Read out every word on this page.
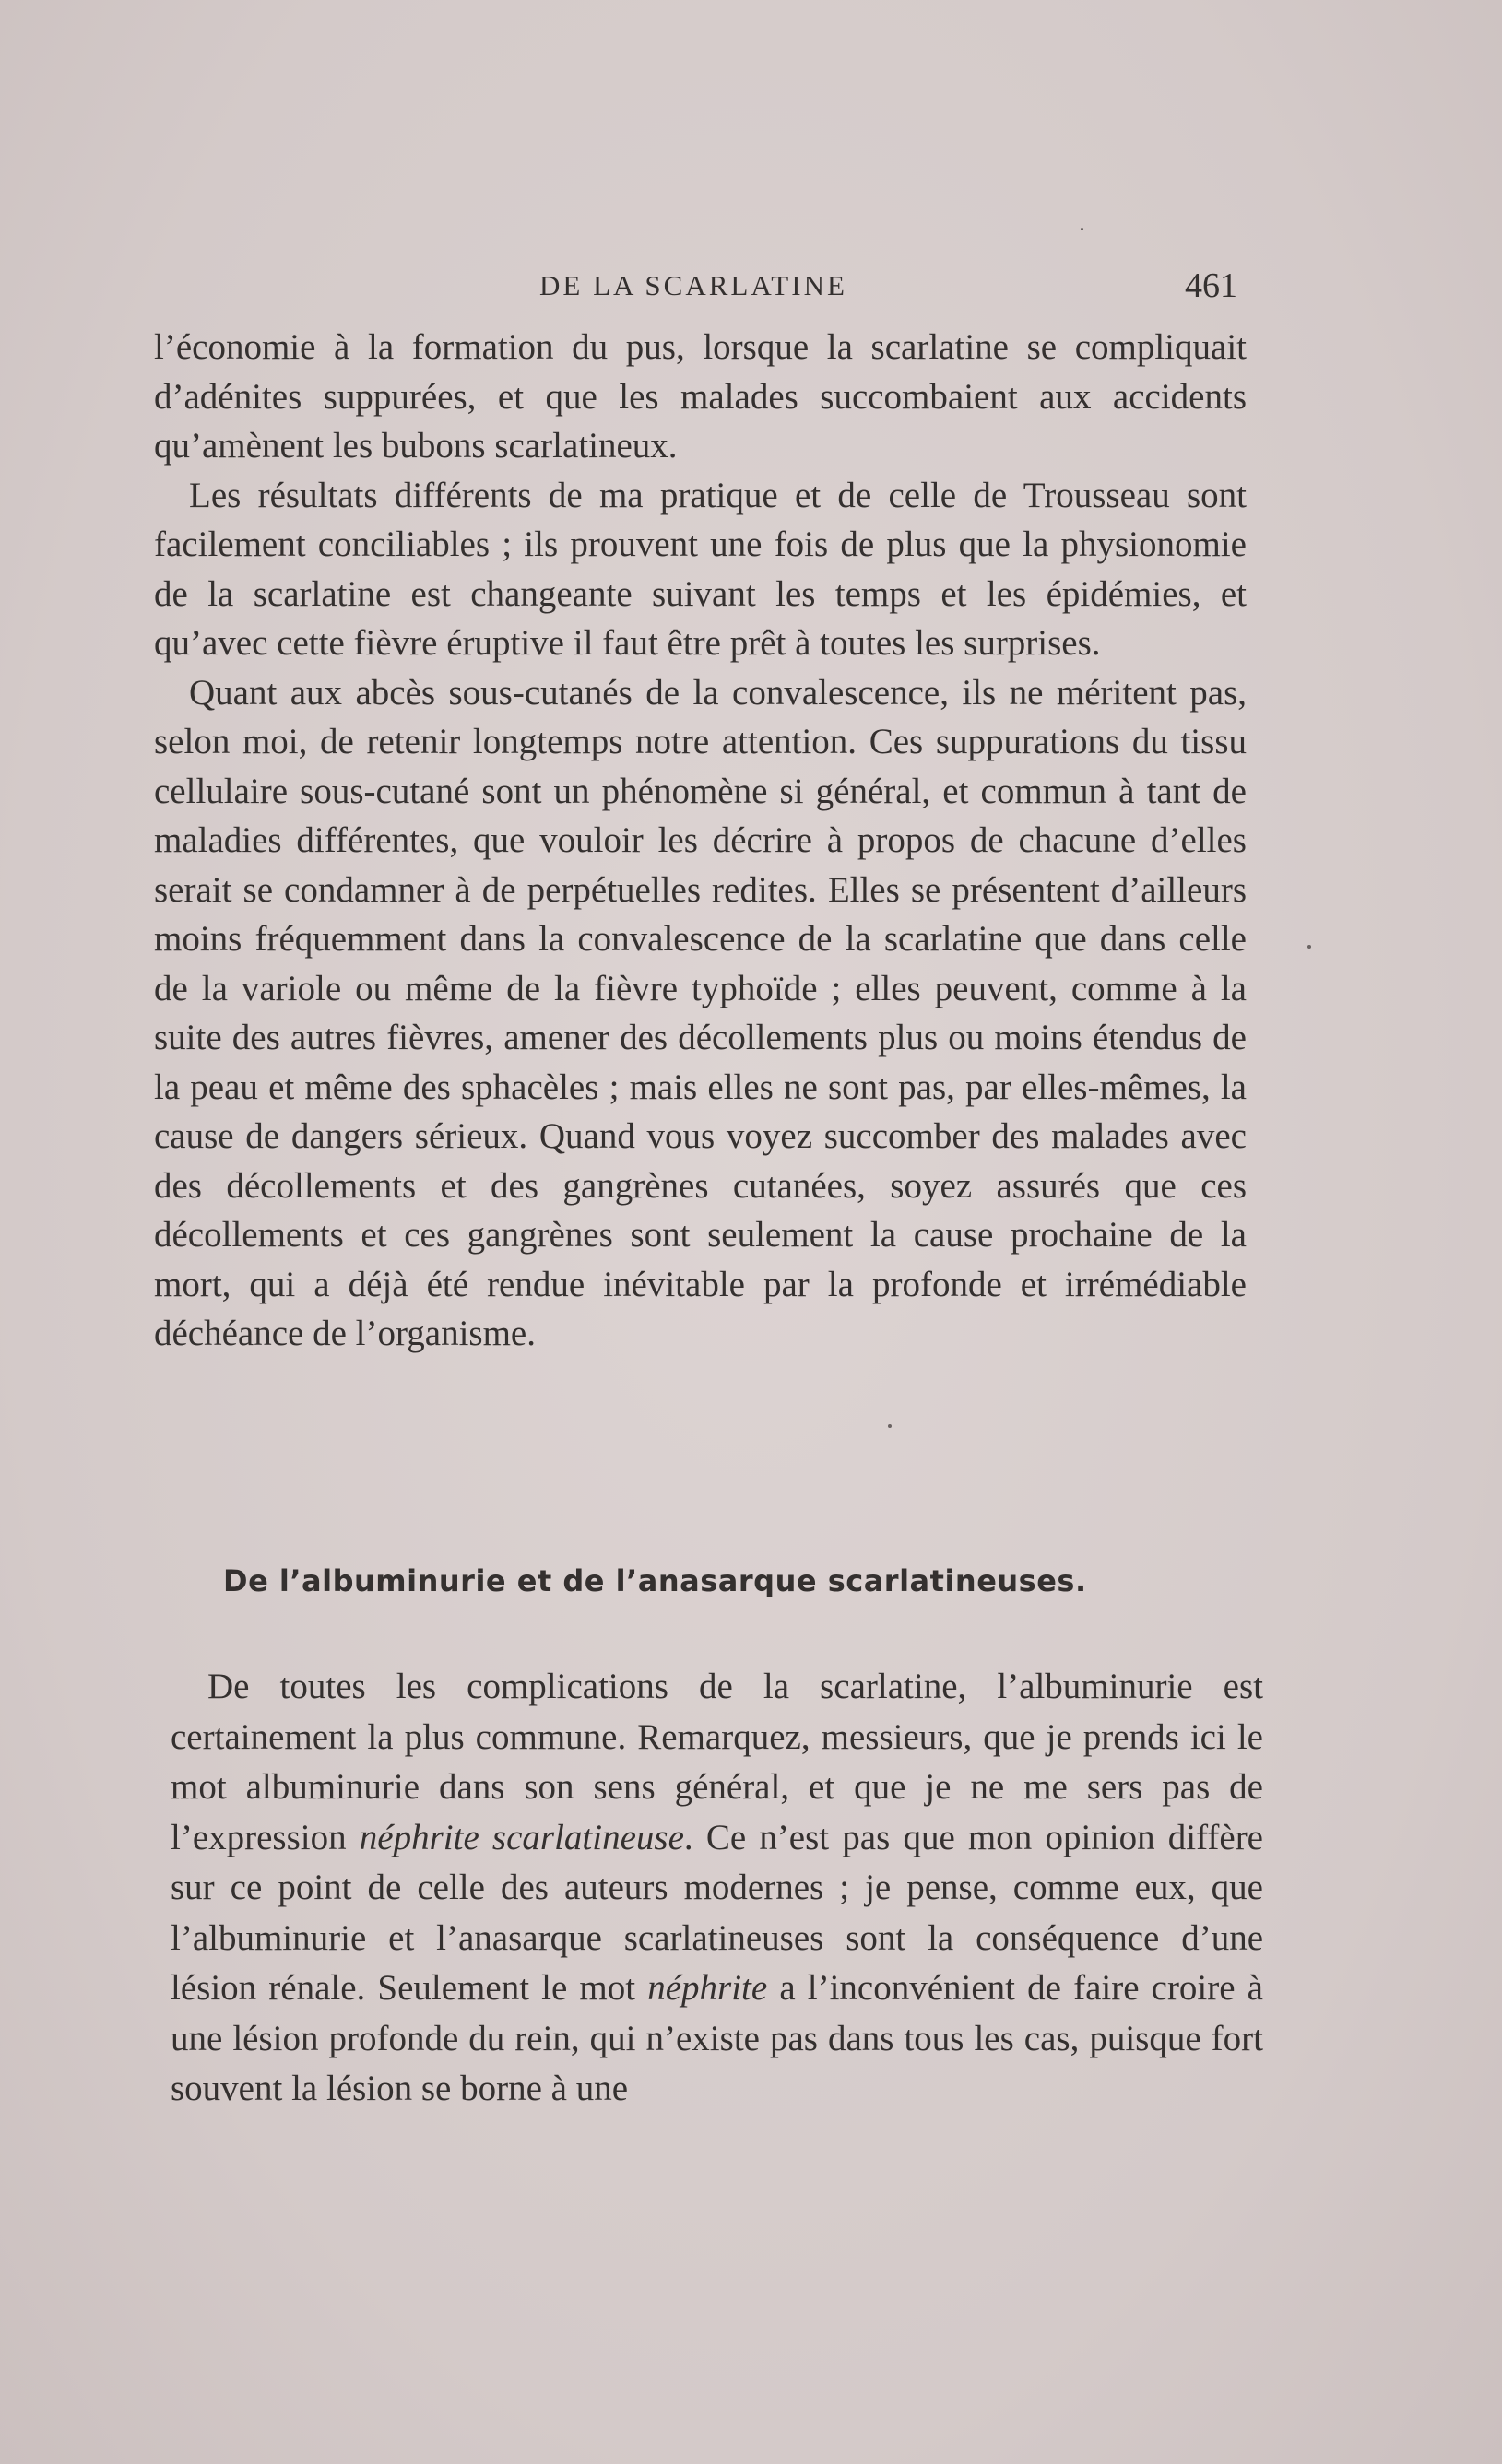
DE LA SCARLATINE	461

l’économie à la formation du pus, lorsque la scarlatine se compliquait d’adénites suppurées, et que les malades succombaient aux accidents qu’amènent les bubons scarlatineux.

Les résultats différents de ma pratique et de celle de Trousseau sont facilement conciliables ; ils prouvent une fois de plus que la physionomie de la scarlatine est changeante suivant les temps et les épidémies, et qu’avec cette fièvre éruptive il faut être prêt à toutes les surprises.

Quant aux abcès sous-cutanés de la convalescence, ils ne méritent pas, selon moi, de retenir longtemps notre attention. Ces suppurations du tissu cellulaire sous-cutané sont un phénomène si général, et commun à tant de maladies différentes, que vouloir les décrire à propos de chacune d’elles serait se condamner à de perpétuelles redites. Elles se présentent d’ailleurs moins fréquemment dans la convalescence de la scarlatine que dans celle de la variole ou même de la fièvre typhoïde ; elles peuvent, comme à la suite des autres fièvres, amener des décollements plus ou moins étendus de la peau et même des sphacèles ; mais elles ne sont pas, par elles-mêmes, la cause de dangers sérieux. Quand vous voyez succomber des malades avec des décollements et des gangrènes cutanées, soyez assurés que ces décollements et ces gangrènes sont seulement la cause prochaine de la mort, qui a déjà été rendue inévitable par la profonde et irrémédiable déchéance de l’organisme.

De l’albuminurie et de l’anasarque scarlatineuses.

De toutes les complications de la scarlatine, l’albuminurie est certainement la plus commune. Remarquez, messieurs, que je prends ici le mot albuminurie dans son sens général, et que je ne me sers pas de l’expression néphrite scarlatineuse. Ce n’est pas que mon opinion diffère sur ce point de celle des auteurs modernes ; je pense, comme eux, que l’albuminurie et l’anasarque scarlatineuses sont la conséquence d’une lésion rénale. Seulement le mot néphrite a l’inconvénient de faire croire à une lésion profonde du rein, qui n’existe pas dans tous les cas, puisque fort souvent la lésion se borne à une
